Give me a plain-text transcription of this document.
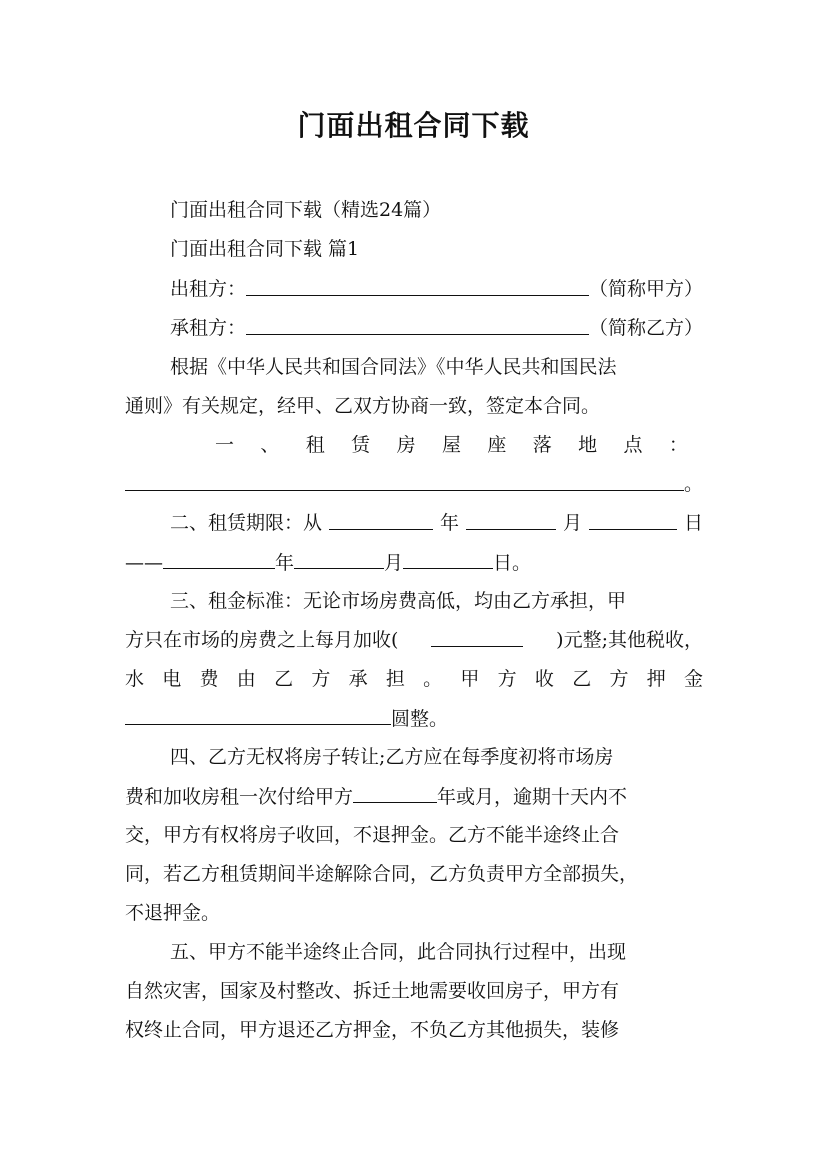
门面出租合同下载
门面出租合同下载（精选24篇）
门面出租合同下载 篇1
出租方：	（简称甲方）
承租方：	（简称乙方）
根据《中华人民共和国合同法》《中华人民共和国民法
通则》有关规定，经甲、乙双方协商一致，签定本合同。
一 、 租 赁 房 屋 座 落 地 点 ：
。
二、租赁期限：从	年	月	日
——	年	月	日。
三、租金标准：无论市场房费高低，均由乙方承担，甲
方只在市场的房费之上每月加收(	)元整;其他税收，
水 电 费 由 乙 方 承 担 。 甲 方 收 乙 方 押 金
圆整。
四、乙方无权将房子转让;乙方应在每季度初将市场房
费和加收房租一次付给甲方	年或月，逾期十天内不
交，甲方有权将房子收回，不退押金。乙方不能半途终止合
同，若乙方租赁期间半途解除合同，乙方负责甲方全部损失，
不退押金。
五、甲方不能半途终止合同，此合同执行过程中，出现
自然灾害，国家及村整改、拆迁土地需要收回房子，甲方有
权终止合同，甲方退还乙方押金，不负乙方其他损失，装修
